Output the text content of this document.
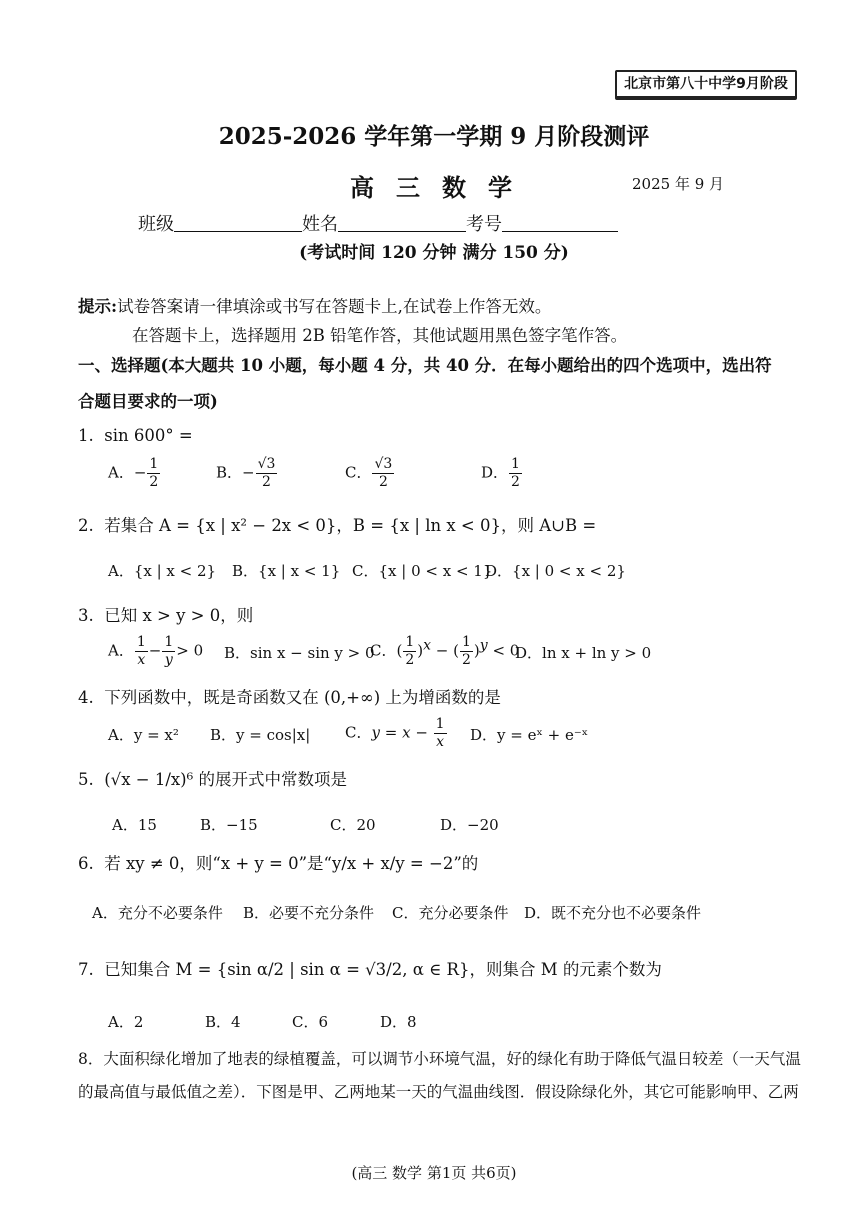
北京市第八十中学9月阶段
2025-2026 学年第一学期 9 月阶段测评
高三数学	2025 年 9 月
班级	姓名	考号
(考试时间 120 分钟 满分 150 分)
提示:试卷答案请一律填涂或书写在答题卡上,在试卷上作答无效。
在答题卡上，选择题用 2B 铅笔作答，其他试题用黑色签字笔作答。
一、选择题(本大题共 10 小题，每小题 4 分，共 40 分．在每小题给出的四个选项中，选出符
合题目要求的一项)
1. sin 600° =
A．− $\frac{1}{2}$	B．− $\frac{√3}{2}$	C． $\frac{√3}{2}$	D． $\frac{1}{2}$
2. 若集合 A = {x | x² − 2x < 0}，B = {x | ln x < 0}，则 A∪B =
A．{x | x < 2} B．{x | x < 1} C．{x | 0 < x < 1}
D．{x | 0 < x < 2}
3. 已知 x > y > 0，则
A． $\frac{1}{x} - \frac{1}{y} > 0$ B．sin x − sin y > 0
C．( $\frac{1}{2} )^x$ − ( $\frac{1}{2} )^y < 0$
D．ln x + ln y > 0
4. 下列函数中，既是奇函数又在 (0,+∞) 上为增函数的是
A．y = x² B．y = cos|x| C．$y = x - \frac{1}{x}$ D．y = eˣ + e⁻ˣ
5. (√x − 1/x)⁶ 的展开式中常数项是
A．15	B．−15	C．20	D．−20
6. 若 xy ≠ 0，则“x + y = 0”是“y/x + x/y = −2”的
A．充分不必要条件 B．必要不充分条件 C．充分必要条件 D．既不充分也不必要条件
7. 已知集合 M = {sin α/2 | sin α = √3/2, α ∈ R}，则集合 M 的元素个数为
A．2	B．4	C．6	D．8
8．大面积绿化增加了地表的绿植覆盖，可以调节小环境气温，好的绿化有助于降低气温日较差（一天气温
的最高值与最低值之差）．下图是甲、乙两地某一天的气温曲线图．假设除绿化外，其它可能影响甲、乙两
(高三 数学 第1页 共6页)
